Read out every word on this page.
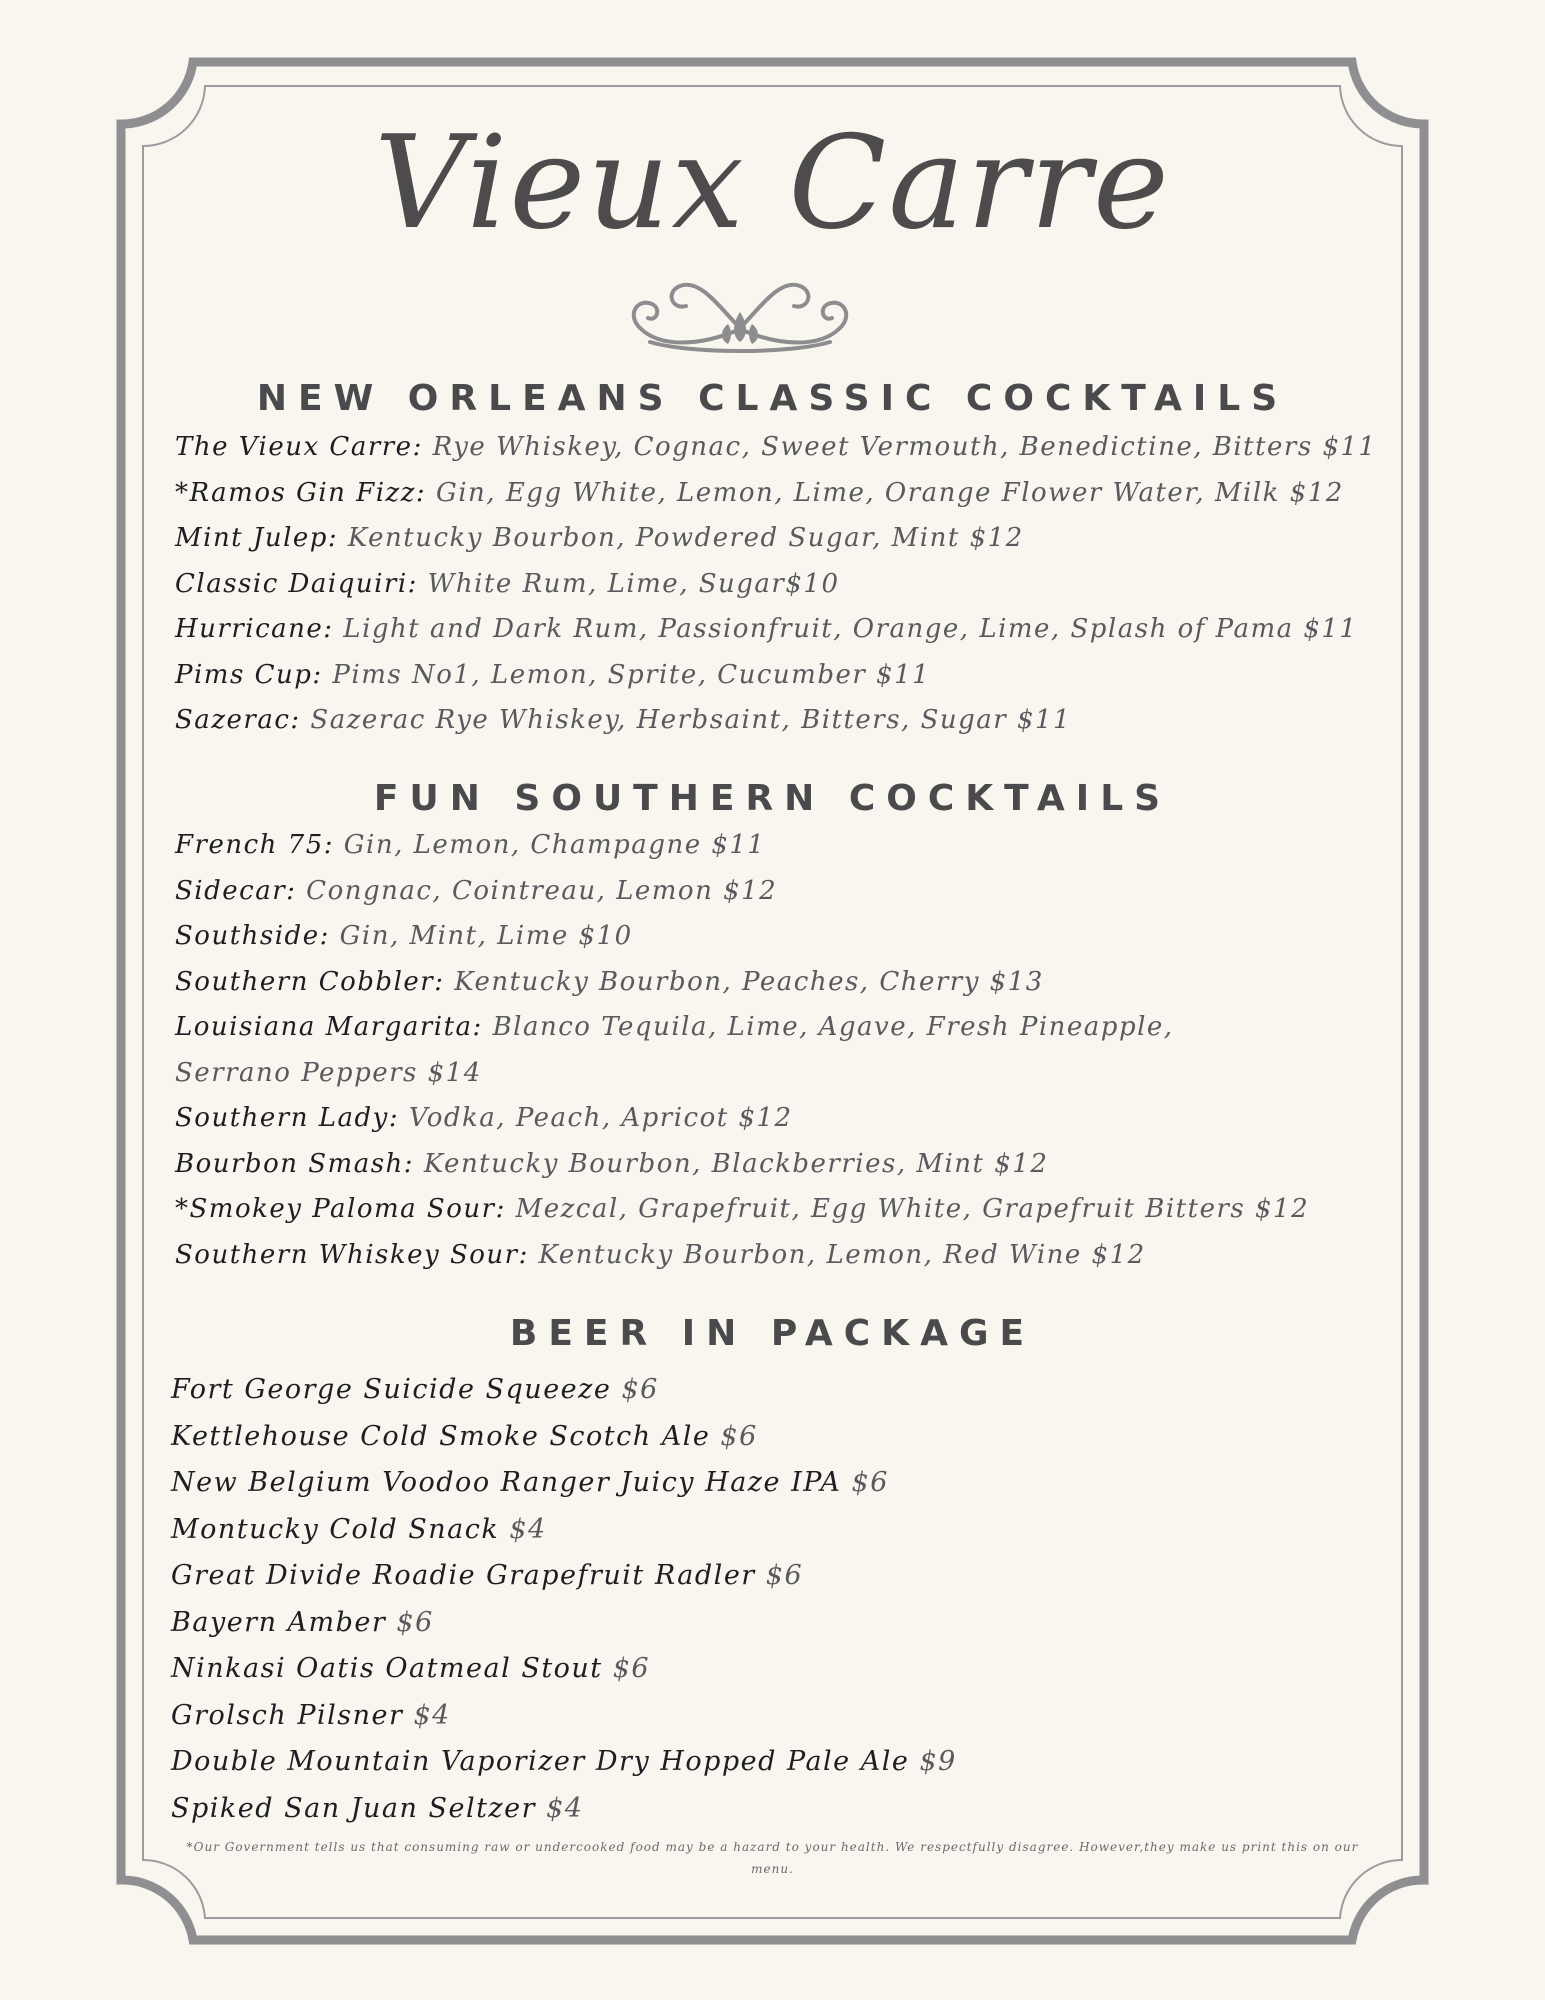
Vieux Carre
NEW ORLEANS CLASSIC COCKTAILS
The Vieux Carre: Rye Whiskey, Cognac, Sweet Vermouth, Benedictine, Bitters $11
*Ramos Gin Fizz: Gin, Egg White, Lemon, Lime, Orange Flower Water, Milk $12
Mint Julep: Kentucky Bourbon, Powdered Sugar, Mint $12
Classic Daiquiri: White Rum, Lime, Sugar$10
Hurricane: Light and Dark Rum, Passionfruit, Orange, Lime, Splash of Pama $11
Pims Cup: Pims No1, Lemon, Sprite, Cucumber $11
Sazerac: Sazerac Rye Whiskey, Herbsaint, Bitters, Sugar $11
FUN SOUTHERN COCKTAILS
French 75: Gin, Lemon, Champagne $11
Sidecar: Congnac, Cointreau, Lemon $12
Southside: Gin, Mint, Lime $10
Southern Cobbler: Kentucky Bourbon, Peaches, Cherry $13
Louisiana Margarita: Blanco Tequila, Lime, Agave, Fresh Pineapple, Serrano Peppers $14
Southern Lady: Vodka, Peach, Apricot $12
Bourbon Smash: Kentucky Bourbon, Blackberries, Mint $12
*Smokey Paloma Sour: Mezcal, Grapefruit, Egg White, Grapefruit Bitters $12
Southern Whiskey Sour: Kentucky Bourbon, Lemon, Red Wine $12
BEER IN PACKAGE
Fort George Suicide Squeeze $6
Kettlehouse Cold Smoke Scotch Ale $6
New Belgium Voodoo Ranger Juicy Haze IPA $6
Montucky Cold Snack $4
Great Divide Roadie Grapefruit Radler $6
Bayern Amber $6
Ninkasi Oatis Oatmeal Stout $6
Grolsch Pilsner $4
Double Mountain Vaporizer Dry Hopped Pale Ale $9
Spiked San Juan Seltzer $4
*Our Government tells us that consuming raw or undercooked food may be a hazard to your health. We respectfully disagree. However,they make us print this on our menu.
